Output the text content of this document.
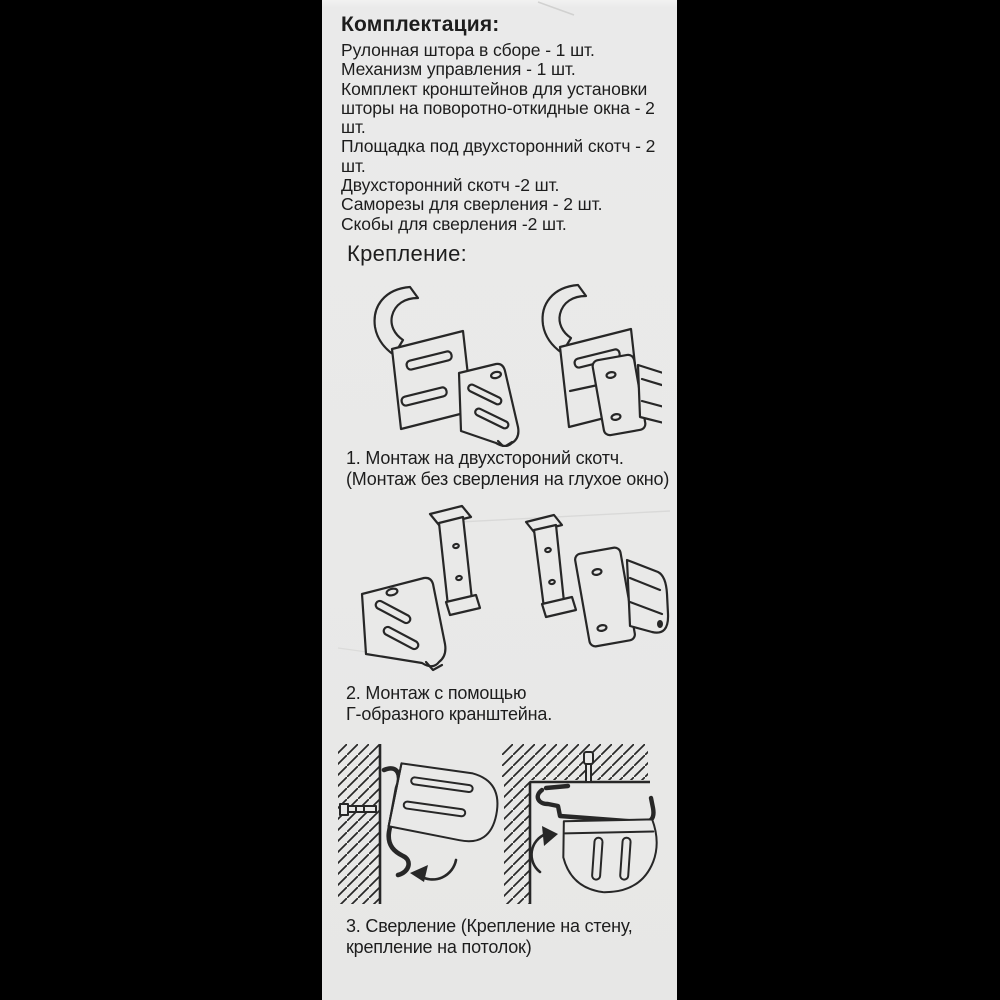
Комплектация:
Рулонная штора в сборе - 1 шт.
Механизм управления - 1 шт.
Комплект кронштейнов для установки
шторы на поворотно-откидные окна - 2 шт.
Площадка под двухсторонний скотч - 2 шт.
Двухсторонний скотч -2 шт.
Саморезы для сверления - 2 шт.
Скобы для сверления -2 шт.
Крепление:
1. Монтаж на двухстороний скотч.
(Монтаж без сверления на глухое окно)
2. Монтаж с помощью
Г-образного кранштейна.
3. Сверление (Крепление на стену,
крепление на потолок)
